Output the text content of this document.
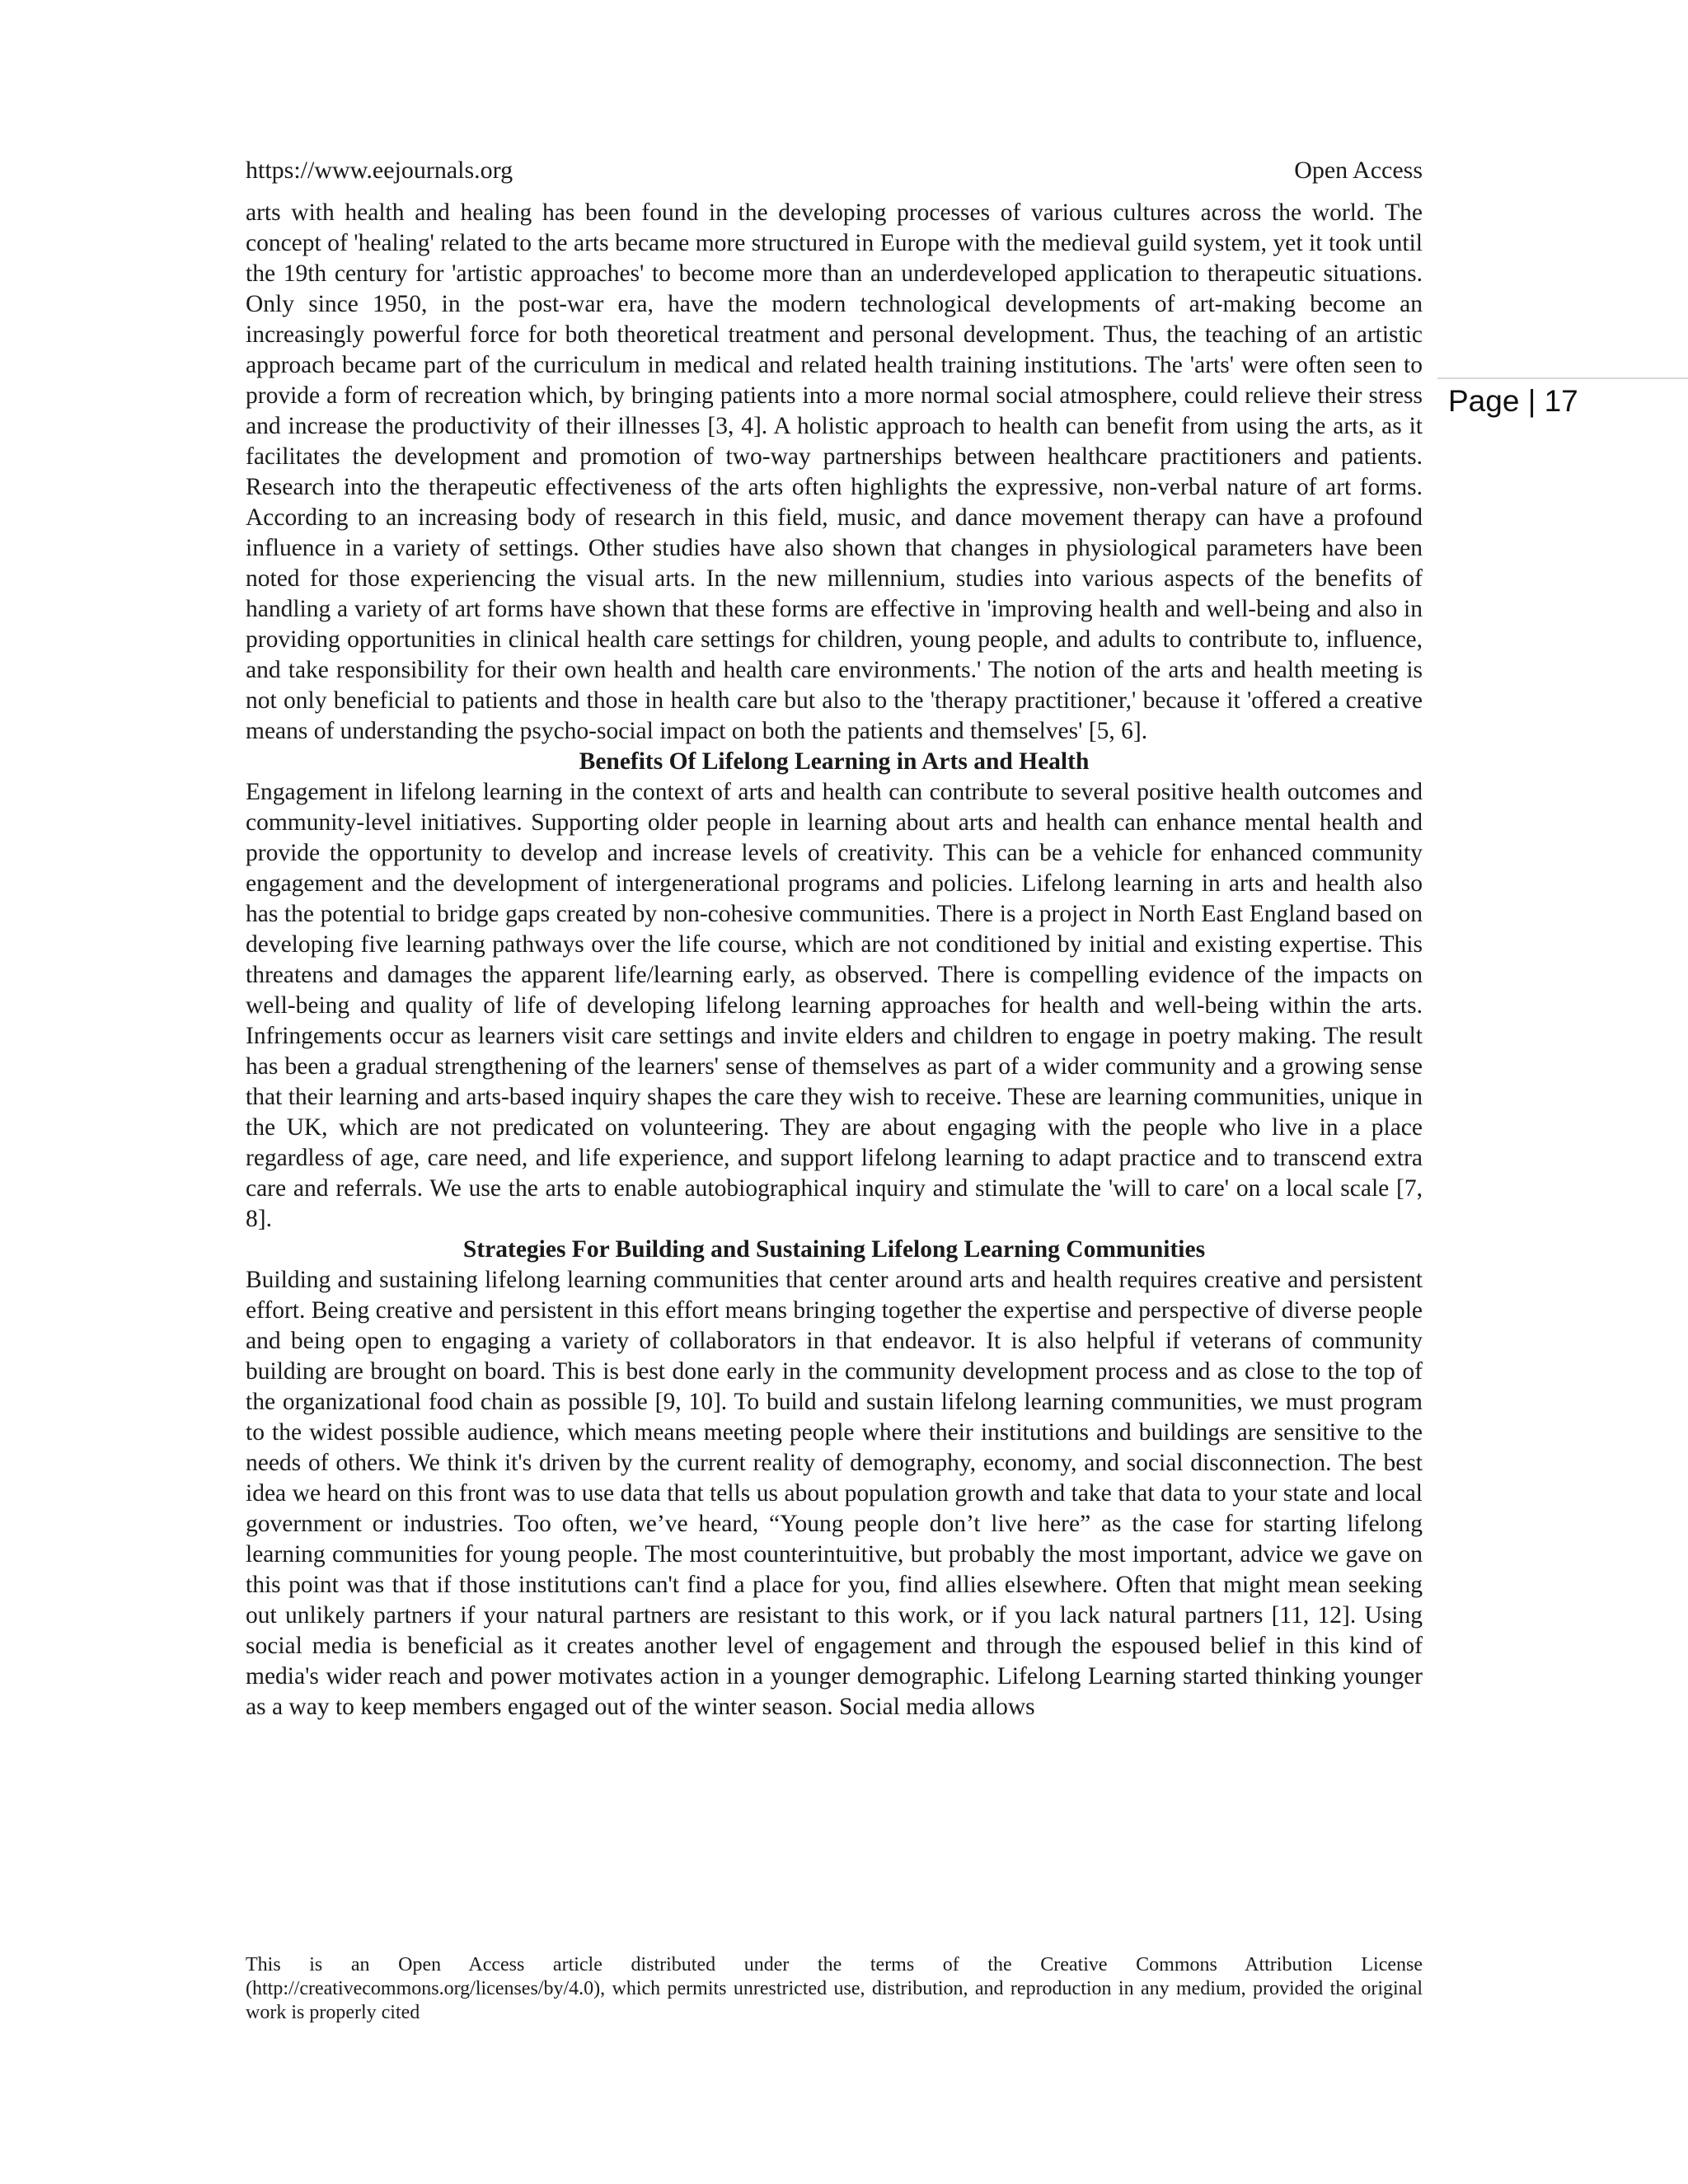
https://www.eejournals.org	Open Access
Page | 17

arts with health and healing has been found in the developing processes of various cultures across the world. The concept of 'healing' related to the arts became more structured in Europe with the medieval guild system, yet it took until the 19th century for 'artistic approaches' to become more than an underdeveloped application to therapeutic situations. Only since 1950, in the post-war era, have the modern technological developments of art-making become an increasingly powerful force for both theoretical treatment and personal development. Thus, the teaching of an artistic approach became part of the curriculum in medical and related health training institutions. The 'arts' were often seen to provide a form of recreation which, by bringing patients into a more normal social atmosphere, could relieve their stress and increase the productivity of their illnesses [3, 4]. A holistic approach to health can benefit from using the arts, as it facilitates the development and promotion of two-way partnerships between healthcare practitioners and patients. Research into the therapeutic effectiveness of the arts often highlights the expressive, non-verbal nature of art forms. According to an increasing body of research in this field, music, and dance movement therapy can have a profound influence in a variety of settings. Other studies have also shown that changes in physiological parameters have been noted for those experiencing the visual arts. In the new millennium, studies into various aspects of the benefits of handling a variety of art forms have shown that these forms are effective in 'improving health and well-being and also in providing opportunities in clinical health care settings for children, young people, and adults to contribute to, influence, and take responsibility for their own health and health care environments.' The notion of the arts and health meeting is not only beneficial to patients and those in health care but also to the 'therapy practitioner,' because it 'offered a creative means of understanding the psycho-social impact on both the patients and themselves' [5, 6].

Benefits Of Lifelong Learning in Arts and Health

Engagement in lifelong learning in the context of arts and health can contribute to several positive health outcomes and community-level initiatives. Supporting older people in learning about arts and health can enhance mental health and provide the opportunity to develop and increase levels of creativity. This can be a vehicle for enhanced community engagement and the development of intergenerational programs and policies. Lifelong learning in arts and health also has the potential to bridge gaps created by non-cohesive communities. There is a project in North East England based on developing five learning pathways over the life course, which are not conditioned by initial and existing expertise. This threatens and damages the apparent life/learning early, as observed. There is compelling evidence of the impacts on well-being and quality of life of developing lifelong learning approaches for health and well-being within the arts. Infringements occur as learners visit care settings and invite elders and children to engage in poetry making. The result has been a gradual strengthening of the learners' sense of themselves as part of a wider community and a growing sense that their learning and arts-based inquiry shapes the care they wish to receive. These are learning communities, unique in the UK, which are not predicated on volunteering. They are about engaging with the people who live in a place regardless of age, care need, and life experience, and support lifelong learning to adapt practice and to transcend extra care and referrals. We use the arts to enable autobiographical inquiry and stimulate the 'will to care' on a local scale [7, 8].

Strategies For Building and Sustaining Lifelong Learning Communities

Building and sustaining lifelong learning communities that center around arts and health requires creative and persistent effort. Being creative and persistent in this effort means bringing together the expertise and perspective of diverse people and being open to engaging a variety of collaborators in that endeavor. It is also helpful if veterans of community building are brought on board. This is best done early in the community development process and as close to the top of the organizational food chain as possible [9, 10]. To build and sustain lifelong learning communities, we must program to the widest possible audience, which means meeting people where their institutions and buildings are sensitive to the needs of others. We think it's driven by the current reality of demography, economy, and social disconnection. The best idea we heard on this front was to use data that tells us about population growth and take that data to your state and local government or industries. Too often, we’ve heard, “Young people don’t live here” as the case for starting lifelong learning communities for young people. The most counterintuitive, but probably the most important, advice we gave on this point was that if those institutions can't find a place for you, find allies elsewhere. Often that might mean seeking out unlikely partners if your natural partners are resistant to this work, or if you lack natural partners [11, 12]. Using social media is beneficial as it creates another level of engagement and through the espoused belief in this kind of media's wider reach and power motivates action in a younger demographic. Lifelong Learning started thinking younger as a way to keep members engaged out of the winter season. Social media allows

This is an Open Access article distributed under the terms of the Creative Commons Attribution License (http://creativecommons.org/licenses/by/4.0), which permits unrestricted use, distribution, and reproduction in any medium, provided the original work is properly cited
